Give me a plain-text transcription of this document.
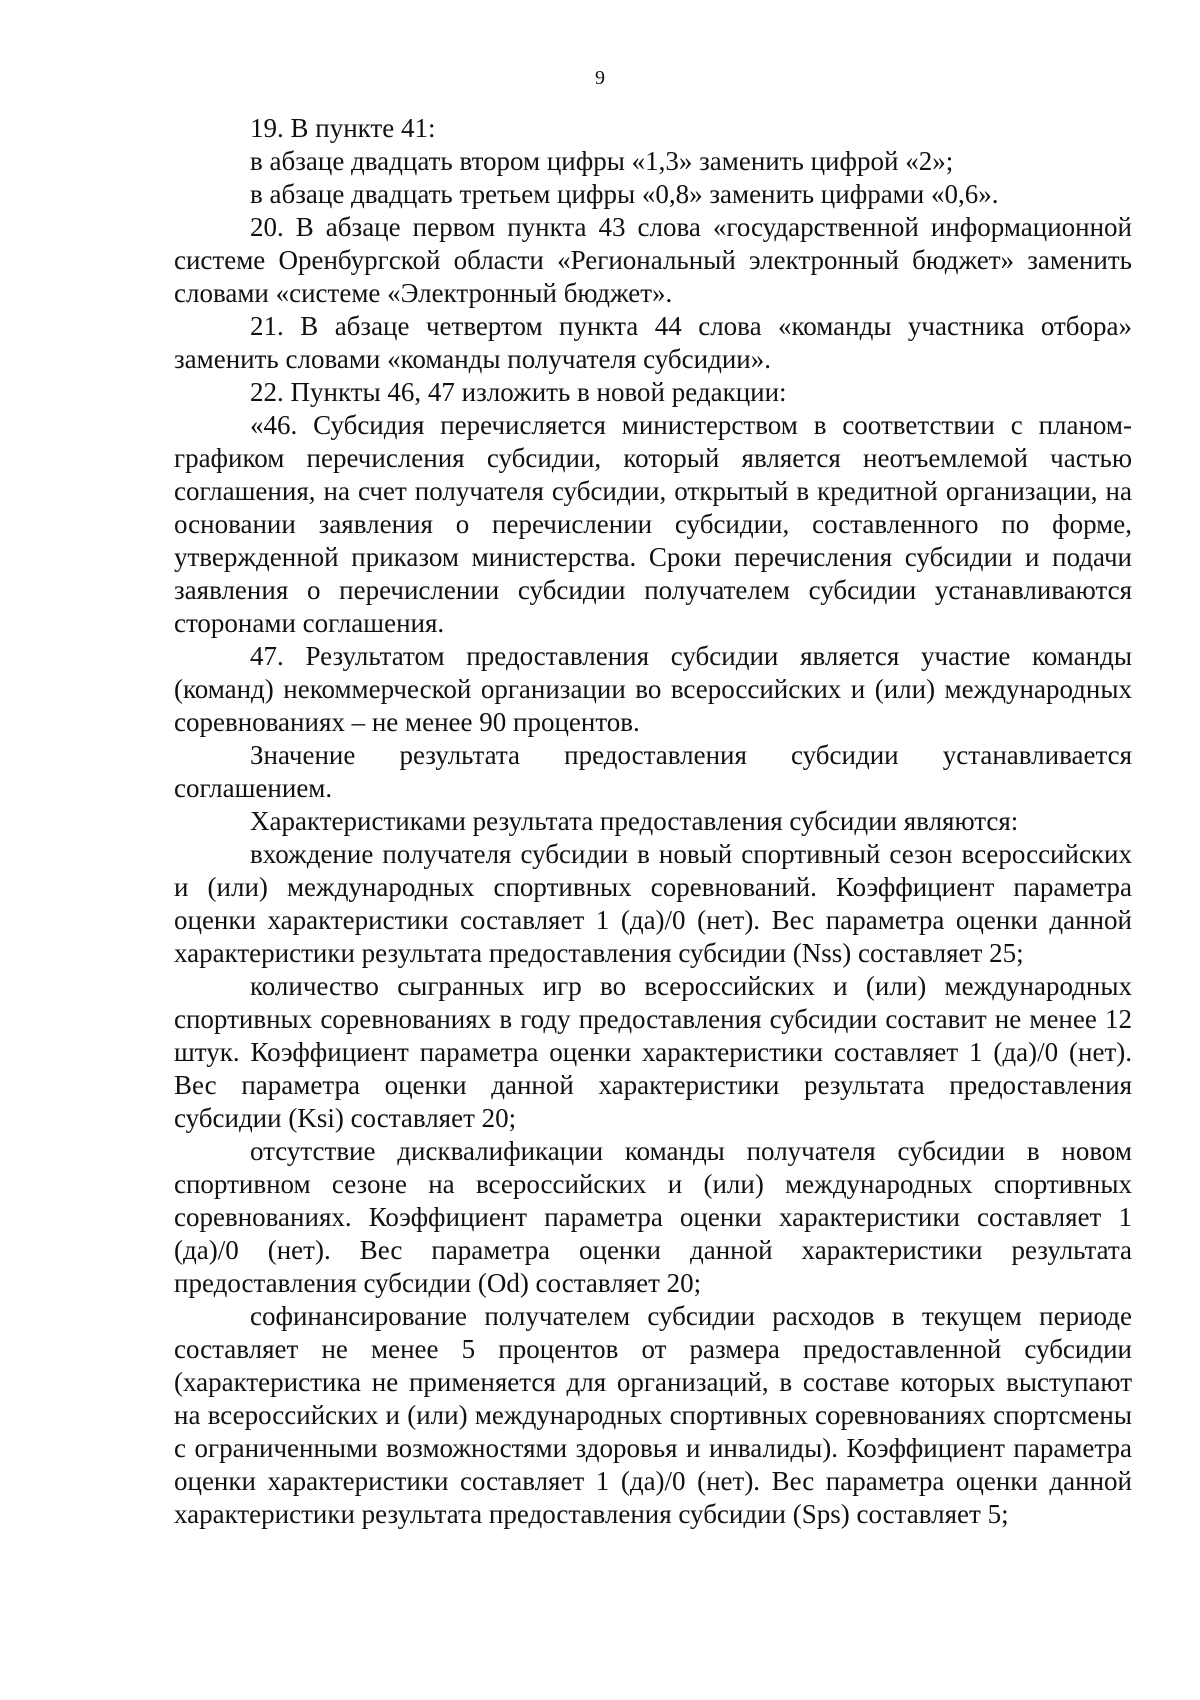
9

19. В пункте 41:

в абзаце двадцать втором цифры «1,3» заменить цифрой «2»;

в абзаце двадцать третьем цифры «0,8» заменить цифрами «0,6».

20. В абзаце первом пункта 43 слова «государственной информационной системе Оренбургской области «Региональный электронный бюджет» заменить словами «системе «Электронный бюджет».

21. В абзаце четвертом пункта 44 слова «команды участника отбора» заменить словами «команды получателя субсидии».

22. Пункты 46, 47 изложить в новой редакции:

«46. Субсидия перечисляется министерством в соответствии с планом-графиком перечисления субсидии, который является неотъемлемой частью соглашения, на счет получателя субсидии, открытый в кредитной организации, на основании заявления о перечислении субсидии, составленного по форме, утвержденной приказом министерства. Сроки перечисления субсидии и подачи заявления о перечислении субсидии получателем субсидии устанавливаются сторонами соглашения.

47. Результатом предоставления субсидии является участие команды (команд) некоммерческой организации во всероссийских и (или) международных соревнованиях – не менее 90 процентов.

Значение результата предоставления субсидии устанавливается соглашением.

Характеристиками результата предоставления субсидии являются:

вхождение получателя субсидии в новый спортивный сезон всероссийских и (или) международных спортивных соревнований. Коэффициент параметра оценки характеристики составляет 1 (да)/0 (нет). Вес параметра оценки данной характеристики результата предоставления субсидии (Nss) составляет 25;

количество сыгранных игр во всероссийских и (или) международных спортивных соревнованиях в году предоставления субсидии составит не менее 12 штук. Коэффициент параметра оценки характеристики составляет 1 (да)/0 (нет). Вес параметра оценки данной характеристики результата предоставления субсидии (Ksi) составляет 20;

отсутствие дисквалификации команды получателя субсидии в новом спортивном сезоне на всероссийских и (или) международных спортивных соревнованиях. Коэффициент параметра оценки характеристики составляет 1 (да)/0 (нет). Вес параметра оценки данной характеристики результата предоставления субсидии (Od) составляет 20;

софинансирование получателем субсидии расходов в текущем периоде составляет не менее 5 процентов от размера предоставленной субсидии (характеристика не применяется для организаций, в составе которых выступают на всероссийских и (или) международных спортивных соревнованиях спортсмены с ограниченными возможностями здоровья и инвалиды). Коэффициент параметра оценки характеристики составляет 1 (да)/0 (нет). Вес параметра оценки данной характеристики результата предоставления субсидии (Sps) составляет 5;
